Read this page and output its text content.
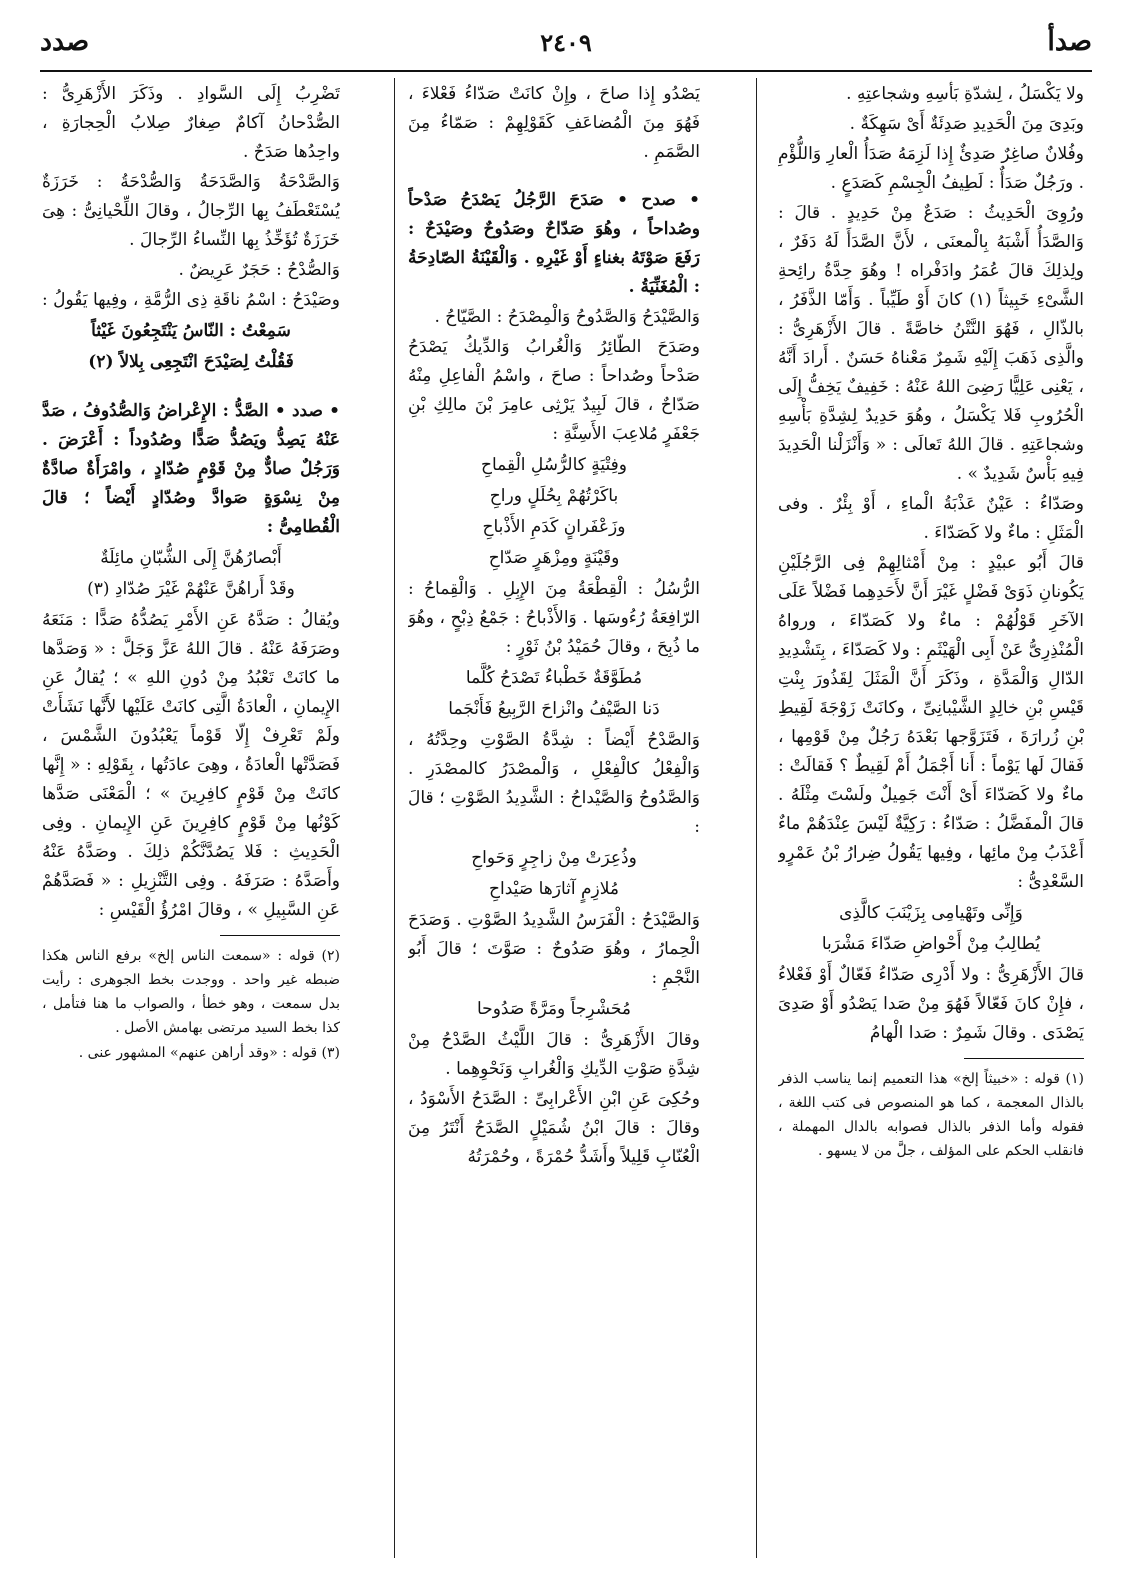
صدأ
٢٤٠٩
صدد

ولا يَكْسَلُ ، لِشدّةِ بَأْسِهِ وشجاعتِهِ .

وبَدِىَ مِنَ الْحَدِيدِ صَدِئَةٌ أَىْ سَهِكَةٌ .

وفُلانٌ صاغِرٌ صَدِئٌ إِذا لَزِمَهُ صَدَأُ الْعارِ وَاللُّؤْمِ . ورَجُلٌ صَدَأٌ : لَطِيفُ الْجِسْمِ كَصَدَعٍ .

ورُوِىَ الْحَدِيثُ : صَدَعٌ مِنْ حَدِيدٍ . قالَ : وَالصَّدَأُ أَشْبَهُ بِالْمعنَى ، لأَنَّ الصَّدَأَ لَهُ دَفَرٌ ، ولِذلِكَ قالَ عُمَرُ وادَفْراه ! وهُوَ حِدَّةُ رائِحةِ الشَّىْءِ خَبِيثاً (١) كانَ أَوْ طَيِّباً . وَأَمّا الذَّفَرُ ، بالذّالِ ، فَهُوَ النَّتْنُ خاصَّةً . قالَ الأَزْهَرِىُّ : والَّذِى ذَهَبَ إِلَيْهِ شَمِرٌ مَعْناهُ حَسَنٌ . أَرادَ أَنَّهُ ، يَعْنِى عَلِيًّا رَضِىَ اللهُ عَنْهُ : خَفِيفٌ يَخِفُّ إِلَى الْحُرُوبِ فَلا يَكْسَلُ ، وهُوَ حَدِيدٌ لِشِدَّةِ بَأْسِهِ وشجاعَتِهِ . قالَ اللهُ تَعالَى : « وَأَنْزَلْنا الْحَدِيدَ فِيهِ بَأْسٌ شَدِيدٌ » .

وصَدّاءُ : عَيْنٌ عَذْبَةُ الْماءِ ، أَوْ بِئْرٌ . وفى الْمَثَلِ : ماءٌ ولا كَصَدّاءَ .

قالَ أَبُو عبيْدٍ : مِنْ أَمْثالِهِمْ فِى الرَّجُلَيْنِ يَكُونانِ ذَوَىْ فَضْلٍ غَيْرَ أَنَّ لأَحَدِهِما فَضْلاً عَلَى الآخَرِ قَوْلُهُمْ : ماءٌ ولا كَصَدّاءَ ، ورواهُ الْمُنْذِرِىُّ عَنْ أَبِى الْهَيْثَمِ : ولا كَصَدّاءَ ، بِتَشْدِيدِ الدّالِ وَالْمَدَّةِ ، وذَكَرَ أَنَّ الْمَثَلَ لِقَذُورَ بِنْتِ قَيْسِ بْنِ خالِدٍ الشَّيْبانِىِّ ، وكانَتْ زَوْجَةَ لَقِيطِ بْنِ زُرارَةَ ، فَتَزَوَّجها بَعْدَهُ رَجُلٌ مِنْ قَوْمِها ، فَقالَ لَها يَوْماً : أَنا أَجْمَلُ أَمْ لَقِيطٌ ؟ فَقالَتْ : ماءٌ ولا كَصَدّاءَ أَىْ أَنْتَ جَمِيلٌ ولَسْتَ مِثْلَهُ . قالَ الْمفَضَّلُ : صَدّاءُ : رَكِيَّةٌ لَيْسَ عِنْدَهُمْ ماءٌ أَعْذَبُ مِنْ مائِها ، وفِيها يَقُولُ ضِرارُ بْنُ عَمْرٍو السَّعْدِىُّ :

وَإِنِّى وتَهْيامِى بِزَيْنَبَ كالَّذِى
يُطالِبُ مِنْ أَحْواضِ صَدّاءَ مَشْرَبا

قالَ الأَزْهَرِىُّ : ولا أَدْرِى صَدّاءُ فَعّالٌ أَوْ فَعْلاءُ ، فإِنْ كانَ فَعّالاً فَهُوَ مِنْ صَدا يَصْدُو أَوْ صَدِىَ يَصْدَى . وقالَ شَمِرٌ : صَدا الْهامُ

(١) قوله : «خبيثاً إلخ» هذا التعميم إنما يناسب الذفر بالذال المعجمة ، كما هو المنصوص فى كتب اللغة ، فقوله وأما الذفر بالذال فصوابه بالدال المهملة ، فانقلب الحكم على المؤلف ، جلَّ من لا يسهو .

يَصْدُو إِذا صاحَ ، وإِنْ كانَتْ صَدّاءُ فَعْلاءَ ، فَهُوَ مِنَ الْمُضاعَفِ كَقَوْلِهِمْ : صَمّاءُ مِنَ الصَّمَمِ .

• صدح • صَدَحَ الرَّجُلُ يَصْدَحُ صَدْحاً وصُداحاً ، وهُوَ صَدّاحٌ وصَدُوحٌ وصَيْدَحٌ : رَفَعَ صَوْتَهُ بغناءٍ أَوْ غَيْرِهِ . وَالْقَيْنَةُ الصّادِحَةُ : الْمُغَنِّيَةُ .

وَالصَّيْدَحُ وَالصَّدُوحُ وَالْمِصْدَحُ : الصَّيّاحُ .

وصَدَحَ الطّائِرُ وَالْغُرابُ وَالدِّيكُ يَصْدَحُ صَدْحاً وصُداحاً : صاحَ ، واسْمُ الْفاعِلِ مِنْهُ صَدّاحٌ ، قالَ لَبِيدٌ يَرْثِى عامِرَ بْنَ مالِكِ بْنِ جَعْفَرٍ مُلاعِبَ الأَسِنَّةِ :

وفِتْيَةٍ كالرُّسُلِ الْقِماحِ
باكَرْتُهُمْ بِحُلَلٍ وراحِ
وزَعْفَرانٍ كَدَمِ الأَذْباحِ
وقَيْنَةٍ ومِزْهَرٍ صَدّاحِ

الرُّسُلُ : الْقِطْعَةُ مِنَ الإِبِلِ . وَالْقِماحُ : الرّافِعَةُ رُءُوسَها . وَالأَذْباحُ : جَمْعُ ذِبْحٍ ، وهُوَ ما ذُبِحَ ، وقالَ حُمَيْدُ بْنُ ثَوْرٍ :

مُطَوَّقَةٌ خَطْباءُ تَصْدَحُ كُلَّما
دَنا الصَّيْفُ وانْزاحَ الرَّبِيعُ فَأَنْجَما

وَالصَّدْحُ أَيْضاً : شِدَّةُ الصَّوْتِ وحِدَّتُهُ ، وَالْفِعْلُ كالْفِعْلِ ، وَالْمصْدَرُ كالمصْدَرِ . وَالصَّدُوحُ وَالصَّيْداحُ : الشَّدِيدُ الصَّوْتِ ؛ قالَ :

وذُعِرَتْ مِنْ زاجِرٍ وَحَواحِ
مُلازِمٍ آثارَها صَيْداحِ

وَالصَّيْدَحُ : الْفَرَسُ الشَّدِيدُ الصَّوْتِ . وَصَدَحَ الْحِمارُ ، وهُوَ صَدُوحٌ : صَوَّتَ ؛ قالَ أَبُو النَّجْمِ :

مُحَشْرِجاً ومَرَّةً صَدُوحا

وقالَ الأَزْهَرِىُّ : قالَ اللَّيْثُ الصَّدْحُ مِنْ شِدَّةِ صَوْتِ الدِّيكِ وَالْغُرابِ وَنَحْوِهِما .

وحُكِىَ عَنِ ابْنِ الأَعْرابِىِّ : الصَّدَحُ الأَسْوَدُ ، وقالَ : قالَ ابْنُ شُمَيْلٍ الصَّدَحُ أَنْتَرُ مِنَ الْعُنّابِ قَلِيلاً وأَشَدُّ حُمْرَةً ، وحُمْرَتُهُ

تَضْرِبُ إِلَى السَّوادِ . وذَكَرَ الأَزْهَرِىُّ : الصُّدْحانُ آكامٌ صِغارٌ صِلابُ الْحِجارَةِ ، واحِدُها صَدَحٌ .

وَالصَّدْحَةُ وَالصَّدَحَةُ وَالصُّدْحَةُ : خَرَزَةٌ يُسْتَعْطَفُ بِها الرِّجالُ ، وقالَ اللِّحْيانِىُّ : هِىَ خَرَزَةٌ تُؤَخِّذُ بِها النِّساءُ الرِّجالَ .

وَالصُّدْحُ : حَجَرٌ عَرِيضٌ .

وصَيْدَحُ : اسْمُ ناقَةِ ذِى الرُّمَّةِ ، وفِيها يَقُولُ :

سَمِعْتُ : النّاسُ يَنْتَجِعُونَ غَيْثاً
فَقُلْتُ لِصَيْدَحَ انْتَجِعِى بِلالاً (٢)

• صدد • الصَّدُّ : الإِعْراضُ وَالصُّدُوفُ ، صَدَّ عَنْهُ يَصِدُّ ويَصُدُّ صَدًّا وصُدُوداً : أَعْرَضَ . وَرَجُلٌ صادٌّ مِنْ قَوْمٍ صُدّادٍ ، وامْرَأَةٌ صادَّةٌ مِنْ نِسْوَةٍ صَوادَّ وصُدّادٍ أَيْضاً ؛ قالَ الْقُطامِىُّ :

أَبْصارُهُنَّ إِلَى الشُّبّانِ مائِلَةٌ
وقَدْ أَراهُنَّ عَنْهُمْ غَيْرَ صُدّادِ (٣)

ويُقالُ : صَدَّهُ عَنِ الأَمْرِ يَصُدُّهُ صَدًّا : مَنَعَهُ وصَرَفَهُ عَنْهُ . قالَ اللهُ عَزَّ وَجَلَّ : « وَصَدَّها ما كانَتْ تَعْبُدُ مِنْ دُونِ اللهِ » ؛ يُقالُ عَنِ الإِيمانِ ، الْعادَةُ الَّتِى كانَتْ عَلَيْها لأَنَّها نَشَأَتْ ولَمْ تَعْرِفْ إِلّا قَوْماً يَعْبُدُونَ الشَّمْسَ ، فَصَدَّتْها الْعادَةُ ، وهِىَ عادَتُها ، بِقَوْلِهِ : « إِنَّها كانَتْ مِنْ قَوْمٍ كافِرِينَ » ؛ الْمَعْنَى صَدَّها كَوْنُها مِنْ قَوْمٍ كافِرِينَ عَنِ الإِيمانِ . وفِى الْحَدِيثِ : فَلا يَصُدَّنَّكُمْ ذلِكَ . وصَدَّهُ عَنْهُ وأَصَدَّهُ : صَرَفَهُ . وفِى التَّنْزِيلِ : « فَصَدَّهُمْ عَنِ السَّبِيلِ » ، وقالَ امْرُؤُ الْقَيْسِ :

(٢) قوله : «سمعت الناس إلخ» برفع الناس هكذا ضبطه غير واحد . ووجدت بخط الجوهرى : رأيت بدل سمعت ، وهو خطأ ، والصواب ما هنا فتأمل ، كذا بخط السيد مرتضى بهامش الأصل .

(٣) قوله : «وقد أراهن عنهم» المشهور عنى .
